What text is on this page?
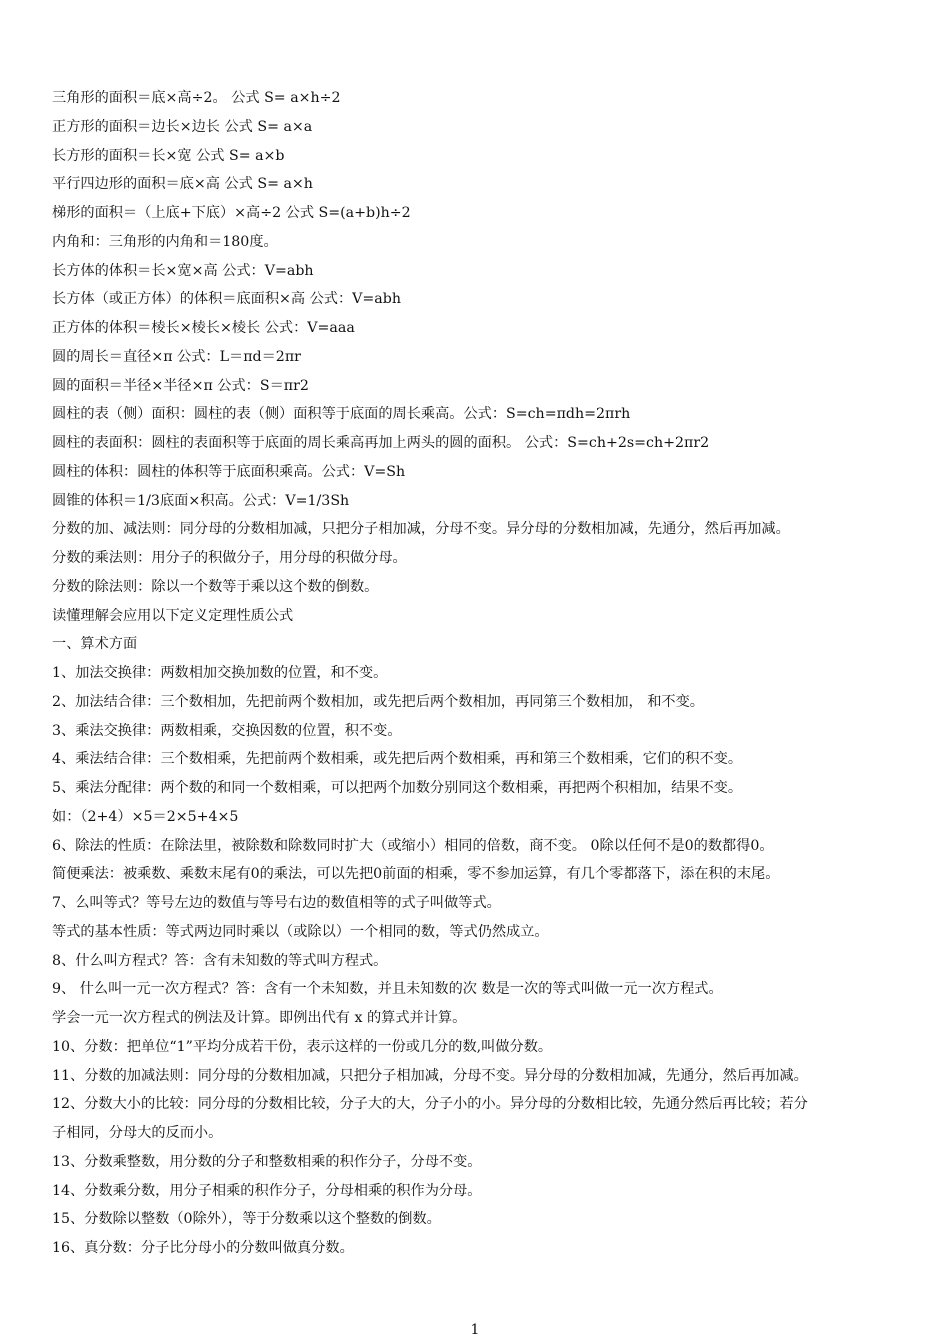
三角形的面积＝底×高÷2。 公式 S= a×h÷2
正方形的面积＝边长×边长 公式 S= a×a
长方形的面积＝长×宽 公式 S= a×b
平行四边形的面积＝底×高 公式 S= a×h
梯形的面积＝（上底+下底）×高÷2 公式 S=(a+b)h÷2
内角和：三角形的内角和＝180度。
长方体的体积＝长×宽×高 公式：V=abh
长方体（或正方体）的体积＝底面积×高 公式：V=abh
正方体的体积＝棱长×棱长×棱长 公式：V=aaa
圆的周长＝直径×π 公式：L＝πd＝2πr
圆的面积＝半径×半径×π 公式：S＝πr2
圆柱的表（侧）面积：圆柱的表（侧）面积等于底面的周长乘高。公式：S=ch=πdh=2πrh
圆柱的表面积：圆柱的表面积等于底面的周长乘高再加上两头的圆的面积。 公式：S=ch+2s=ch+2πr2
圆柱的体积：圆柱的体积等于底面积乘高。公式：V=Sh
圆锥的体积＝1/3底面×积高。公式：V=1/3Sh
分数的加、减法则：同分母的分数相加减，只把分子相加减，分母不变。异分母的分数相加减，先通分，然后再加减。
分数的乘法则：用分子的积做分子，用分母的积做分母。
分数的除法则：除以一个数等于乘以这个数的倒数。
读懂理解会应用以下定义定理性质公式
一、算术方面
1、加法交换律：两数相加交换加数的位置，和不变。
2、加法结合律：三个数相加，先把前两个数相加，或先把后两个数相加，再同第三个数相加， 和不变。
3、乘法交换律：两数相乘，交换因数的位置，积不变。
4、乘法结合律：三个数相乘，先把前两个数相乘，或先把后两个数相乘，再和第三个数相乘，它们的积不变。
5、乘法分配律：两个数的和同一个数相乘，可以把两个加数分别同这个数相乘，再把两个积相加，结果不变。
如：（2+4）×5＝2×5+4×5
6、除法的性质：在除法里，被除数和除数同时扩大（或缩小）相同的倍数，商不变。 0除以任何不是0的数都得0。
简便乘法：被乘数、乘数末尾有0的乘法，可以先把0前面的相乘，零不参加运算，有几个零都落下，添在积的末尾。
7、么叫等式？等号左边的数值与等号右边的数值相等的式子叫做等式。
等式的基本性质：等式两边同时乘以（或除以）一个相同的数，等式仍然成立。
8、什么叫方程式？答：含有未知数的等式叫方程式。
9、 什么叫一元一次方程式？答：含有一个未知数，并且未知数的次 数是一次的等式叫做一元一次方程式。
学会一元一次方程式的例法及计算。即例出代有 x 的算式并计算。
10、分数：把单位“1”平均分成若干份，表示这样的一份或几分的数,叫做分数。
11、分数的加减法则：同分母的分数相加减，只把分子相加减，分母不变。异分母的分数相加减，先通分，然后再加减。
12、分数大小的比较：同分母的分数相比较，分子大的大，分子小的小。异分母的分数相比较，先通分然后再比较；若分
子相同，分母大的反而小。
13、分数乘整数，用分数的分子和整数相乘的积作分子，分母不变。
14、分数乘分数，用分子相乘的积作分子，分母相乘的积作为分母。
15、分数除以整数（0除外），等于分数乘以这个整数的倒数。
16、真分数：分子比分母小的分数叫做真分数。
1
